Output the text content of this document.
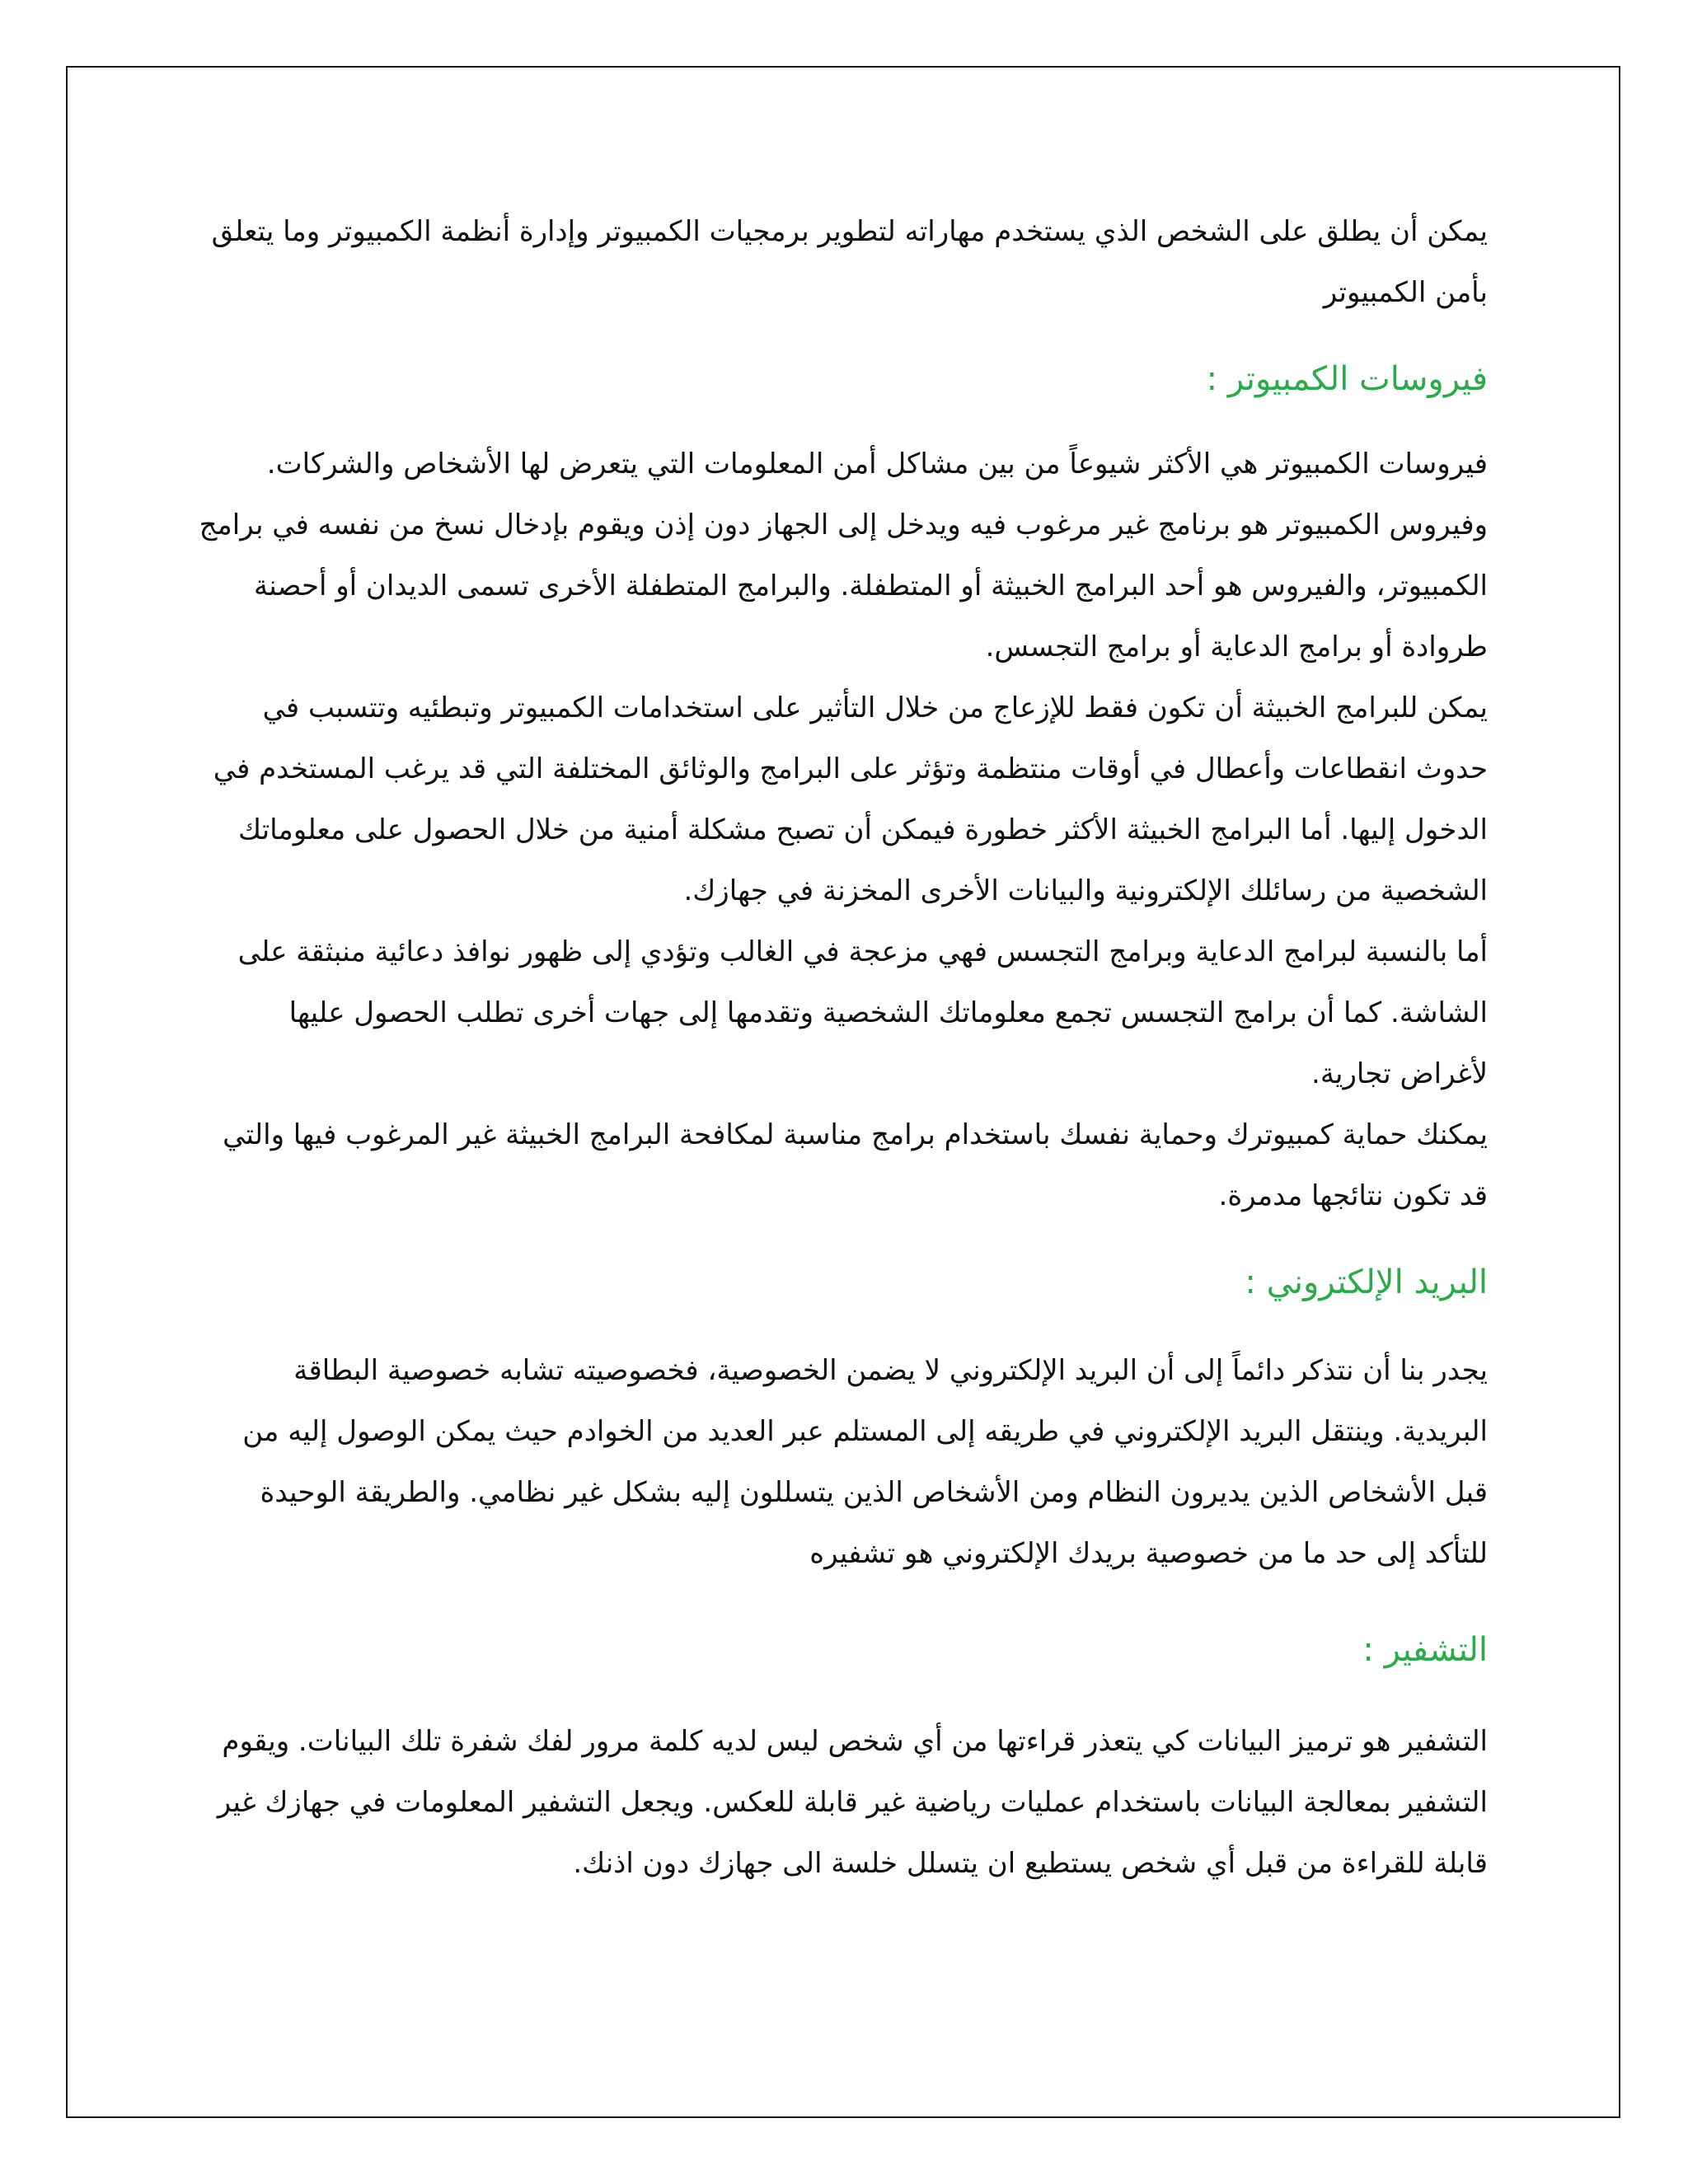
يمكن أن يطلق على الشخص الذي يستخدم مهاراته لتطوير برمجيات الكمبيوتر وإدارة أنظمة الكمبيوتر وما يتعلق بأمن الكمبيوتر

فيروسات الكمبيوتر :

فيروسات الكمبيوتر هي الأكثر شيوعاً من بين مشاكل أمن المعلومات التي يتعرض لها الأشخاص والشركات. وفيروس الكمبيوتر هو برنامج غير مرغوب فيه ويدخل إلى الجهاز دون إذن ويقوم بإدخال نسخ من نفسه في برامج الكمبيوتر، والفيروس هو أحد البرامج الخبيثة أو المتطفلة. والبرامج المتطفلة الأخرى تسمى الديدان أو أحصنة طروادة أو برامج الدعاية أو برامج التجسس.

يمكن للبرامج الخبيثة أن تكون فقط للإزعاج من خلال التأثير على استخدامات الكمبيوتر وتبطئيه وتتسبب في حدوث انقطاعات وأعطال في أوقات منتظمة وتؤثر على البرامج والوثائق المختلفة التي قد يرغب المستخدم في الدخول إليها. أما البرامج الخبيثة الأكثر خطورة فيمكن أن تصبح مشكلة أمنية من خلال الحصول على معلوماتك الشخصية من رسائلك الإلكترونية والبيانات الأخرى المخزنة في جهازك.

أما بالنسبة لبرامج الدعاية وبرامج التجسس فهي مزعجة في الغالب وتؤدي إلى ظهور نوافذ دعائية منبثقة على الشاشة. كما أن برامج التجسس تجمع معلوماتك الشخصية وتقدمها إلى جهات أخرى تطلب الحصول عليها لأغراض تجارية.

يمكنك حماية كمبيوترك وحماية نفسك باستخدام برامج مناسبة لمكافحة البرامج الخبيثة غير المرغوب فيها والتي قد تكون نتائجها مدمرة.

البريد الإلكتروني :

يجدر بنا أن نتذكر دائماً إلى أن البريد الإلكتروني لا يضمن الخصوصية، فخصوصيته تشابه خصوصية البطاقة البريدية. وينتقل البريد الإلكتروني في طريقه إلى المستلم عبر العديد من الخوادم حيث يمكن الوصول إليه من قبل الأشخاص الذين يديرون النظام ومن الأشخاص الذين يتسللون إليه بشكل غير نظامي. والطريقة الوحيدة للتأكد إلى حد ما من خصوصية بريدك الإلكتروني هو تشفيره

التشفير :

التشفير هو ترميز البيانات كي يتعذر قراءتها من أي شخص ليس لديه كلمة مرور لفك شفرة تلك البيانات. ويقوم التشفير بمعالجة البيانات باستخدام عمليات رياضية غير قابلة للعكس. ويجعل التشفير المعلومات في جهازك غير قابلة للقراءة من قبل أي شخص يستطيع ان يتسلل خلسة الى جهازك دون اذنك.
